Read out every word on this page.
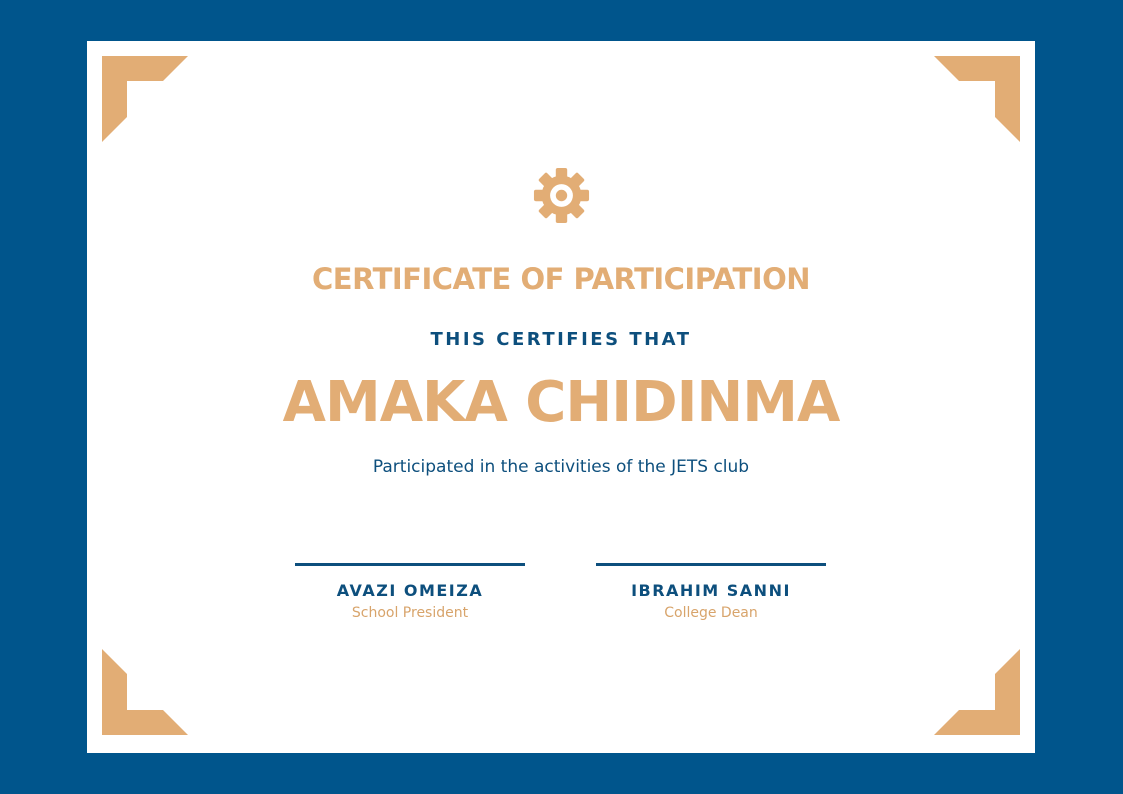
CERTIFICATE OF PARTICIPATION
THIS CERTIFIES THAT
AMAKA CHIDINMA
Participated in the activities of the JETS club
AVAZI OMEIZA
School President
IBRAHIM SANNI
College Dean
